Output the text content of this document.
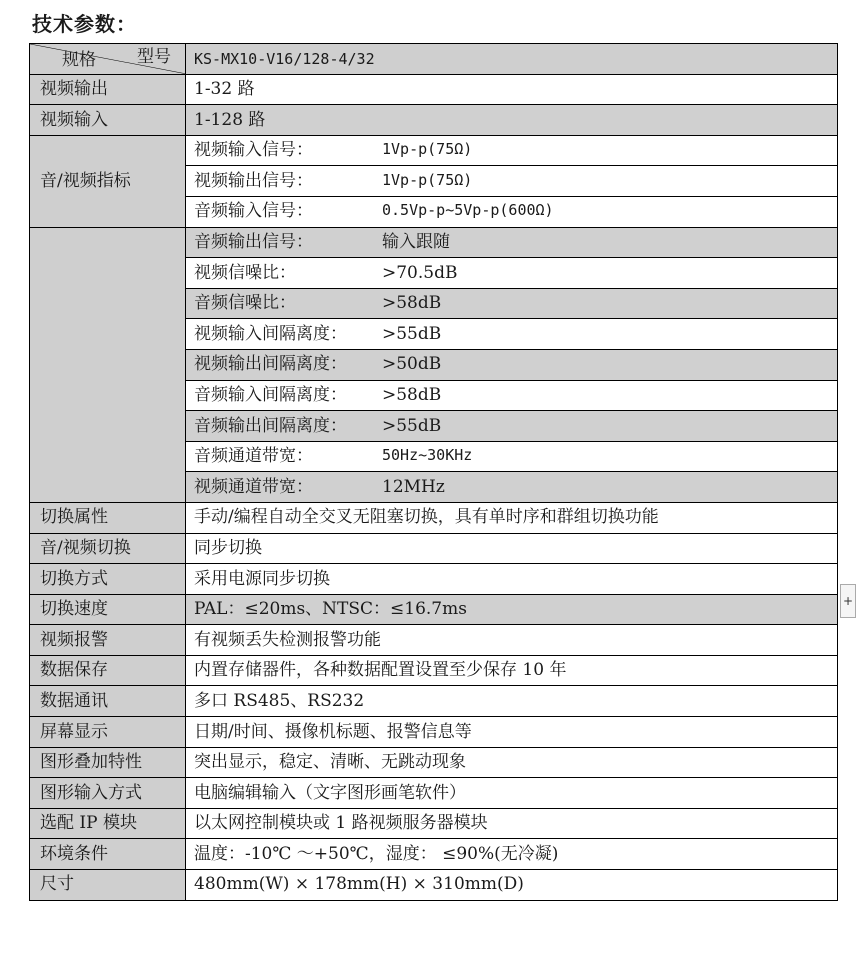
技术参数：
型号
规格	KS-MX10-V16/128-4/32
视频输出	1-32 路
视频输入	1-128 路
音/视频指标	视频输入信号： 1Vp-p(75Ω)

	视频输出信号： 1Vp-p(75Ω)

	音频输入信号： 0.5Vp-p~5Vp-p(600Ω)

	音频输出信号： 输入跟随

	视频信噪比： >70.5dB

	音频信噪比： >58dB

	视频输入间隔离度： >55dB

	视频输出间隔离度： >50dB

	音频输入间隔离度： >58dB

	音频输出间隔离度： >55dB

	音频通道带宽： 50Hz~30KHz

	视频通道带宽： 12MHz

切换属性	手动/编程自动全交叉无阻塞切换，具有单时序和群组切换功能
音/视频切换	同步切换
切换方式	采用电源同步切换
切换速度	PAL：≤20ms、NTSC：≤16.7ms
视频报警	有视频丢失检测报警功能
数据保存	内置存储器件，各种数据配置设置至少保存 10 年
数据通讯	多口 RS485、RS232
屏幕显示	日期/时间、摄像机标题、报警信息等
图形叠加特性	突出显示，稳定、清晰、无跳动现象
图形输入方式	电脑编辑输入（文字图形画笔软件）
选配 IP 模块	以太网控制模块或 1 路视频服务器模块
环境条件	温度：-10℃ ～+50℃，湿度： ≤90%(无冷凝)
尺寸	480mm(W) × 178mm(H) × 310mm(D)
+
